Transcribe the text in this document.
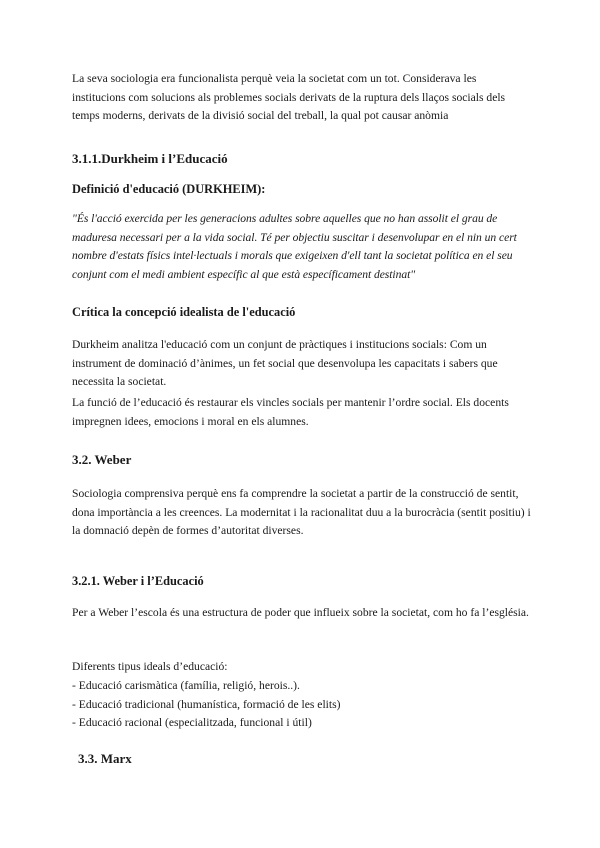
La seva sociologia era funcionalista perquè veia la societat com un tot. Considerava les institucions com solucions als problemes socials derivats de la ruptura dels llaços socials dels temps moderns, derivats de la divisió social del treball, la qual pot causar anòmia

3.1.1.Durkheim i l’Educació
Definició d'educació (DURKHEIM):

"És l'acció exercida per les generacions adultes sobre aquelles que no han assolit el grau de maduresa necessari per a la vida social. Té per objectiu suscitar i desenvolupar en el nin un cert nombre d'estats físics intel·lectuals i morals que exigeixen d'ell tant la societat política en el seu conjunt com el medi ambient específic al que està específicament destinat"

Crítica la concepció idealista de l'educació

Durkheim analitza l'educació com un conjunt de pràctiques i institucions socials: Com un instrument de dominació d’ànimes, un fet social que desenvolupa les capacitats i sabers que necessita la societat.

La funció de l’educació és restaurar els vincles socials per mantenir l’ordre social. Els docents impregnen idees, emocions i moral en els alumnes.

3.2. Weber

Sociologia comprensiva perquè ens fa comprendre la societat a partir de la construcció de sentit, dona importància a les creences. La modernitat i la racionalitat duu a la burocràcia (sentit positiu) i la domnació depèn de formes d’autoritat diverses.

3.2.1. Weber i l’Educació

Per a Weber l’escola és una estructura de poder que influeix sobre la societat, com ho fa l’església.

Diferents tipus ideals d’educació:

- Educació carismàtica (família, religió, herois..).
- Educació tradicional (humanística, formació de les elits)
- Educació racional (especialitzada, funcional i útil)
3.3. Marx
